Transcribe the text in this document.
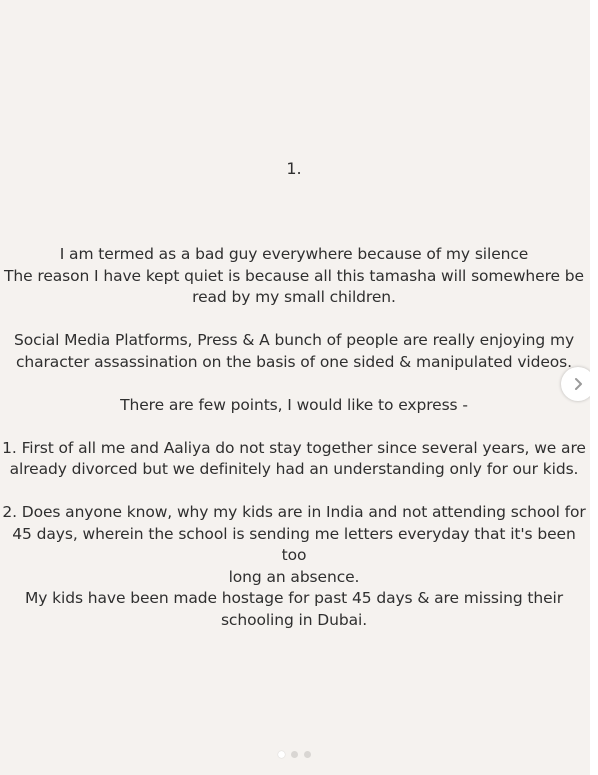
1.

I am termed as a bad guy everywhere because of my silence
The reason I have kept quiet is because all this tamasha will somewhere be
read by my small children.

Social Media Platforms, Press & A bunch of people are really enjoying my
character assassination on the basis of one sided & manipulated videos.

There are few points, I would like to express -

1. First of all me and Aaliya do not stay together since several years, we are
already divorced but we definitely had an understanding only for our kids.

2. Does anyone know, why my kids are in India and not attending school for
45 days, wherein the school is sending me letters everyday that it's been too
long an absence.
My kids have been made hostage for past 45 days & are missing their
schooling in Dubai.
